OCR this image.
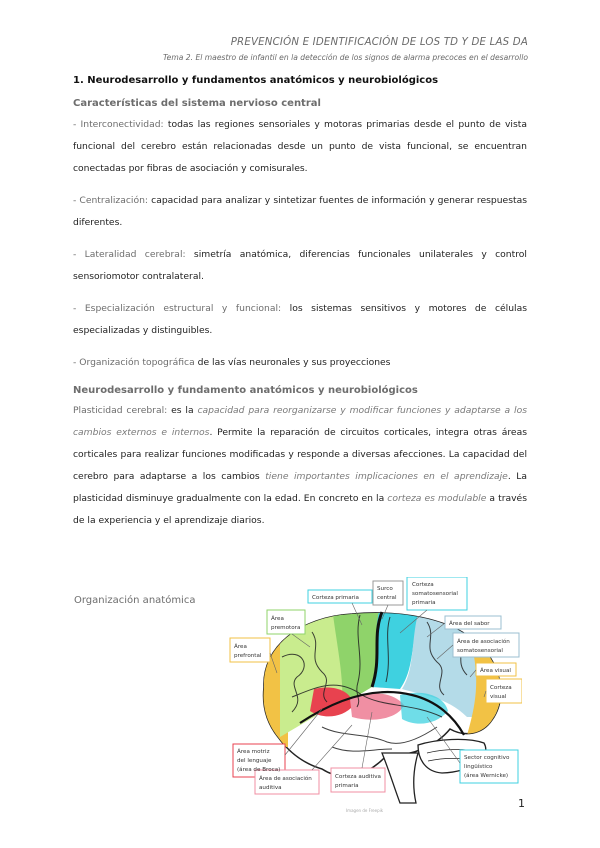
PREVENCIÓN E IDENTIFICACIÓN DE LOS TD Y DE LAS DA
Tema 2. El maestro de infantil en la detección de los signos de alarma precoces en el desarrollo
1. Neurodesarrollo y fundamentos anatómicos y neurobiológicos
Características del sistema nervioso central

- Interconectividad: todas las regiones sensoriales y motoras primarias desde el punto de vista funcional del cerebro están relacionadas desde un punto de vista funcional, se encuentran conectadas por fibras de asociación y comisurales.

- Centralización: capacidad para analizar y sintetizar fuentes de información y generar respuestas diferentes.

- Lateralidad cerebral: simetría anatómica, diferencias funcionales unilaterales y control sensoriomotor contralateral.

- Especialización estructural y funcional: los sistemas sensitivos y motores de células especializadas y distinguibles.

- Organización topográfica de las vías neuronales y sus proyecciones

Neurodesarrollo y fundamento anatómicos y neurobiológicos

Plasticidad cerebral: es la capacidad para reorganizarse y modificar funciones y adaptarse a los cambios externos e internos. Permite la reparación de circuitos corticales, integra otras áreas corticales para realizar funciones modificadas y responde a diversas afecciones. La capacidad del cerebro para adaptarse a los cambios tiene importantes implicaciones en el aprendizaje. La plasticidad disminuye gradualmente con la edad. En concreto en la corteza es modulable a través de la experiencia y el aprendizaje diarios.

Organización anatómica	Corteza primaria
Surco
central
Corteza
somatosensorial
primaria
Área
premotora
Área del sabor
Área de asociación
somatosensorial
Área
prefrontal
Área visual
Corteza
visual
Área motriz
del lenguaje
(área de Broca)
Sector cognitivo
lingüístico
(área Wernicke)
Área de asociación
auditiva
Corteza auditiva
primaria
Imagen de Freepik
1
